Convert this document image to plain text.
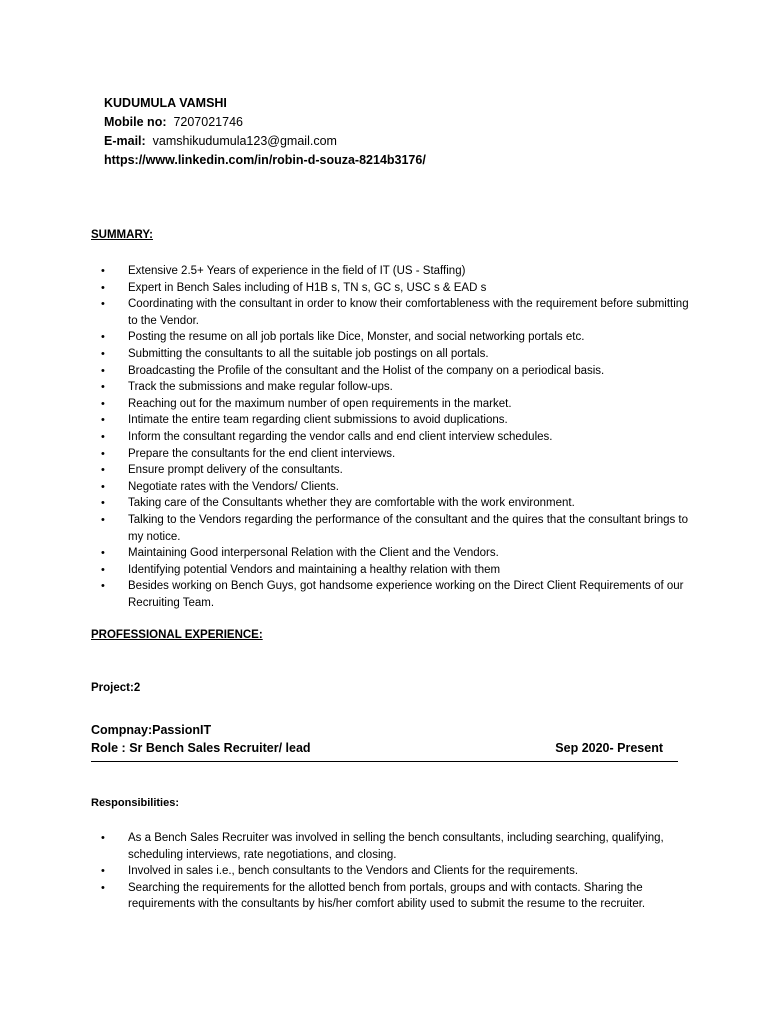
KUDUMULA VAMSHI
Mobile no: 7207021746
E-mail: vamshikudumula123@gmail.com
https://www.linkedin.com/in/robin-d-souza-8214b3176/
SUMMARY:
• Extensive 2.5+ Years of experience in the field of IT (US - Staffing)
• Expert in Bench Sales including of H1B s, TN s, GC s, USC s & EAD s
• Coordinating with the consultant in order to know their comfortableness with the requirement before submitting to the Vendor.
• Posting the resume on all job portals like Dice, Monster, and social networking portals etc.
• Submitting the consultants to all the suitable job postings on all portals.
• Broadcasting the Profile of the consultant and the Holist of the company on a periodical basis.
• Track the submissions and make regular follow-ups.
• Reaching out for the maximum number of open requirements in the market.
• Intimate the entire team regarding client submissions to avoid duplications.
• Inform the consultant regarding the vendor calls and end client interview schedules.
• Prepare the consultants for the end client interviews.
• Ensure prompt delivery of the consultants.
• Negotiate rates with the Vendors/ Clients.
• Taking care of the Consultants whether they are comfortable with the work environment.
• Talking to the Vendors regarding the performance of the consultant and the quires that the consultant brings to my notice.
• Maintaining Good interpersonal Relation with the Client and the Vendors.
• Identifying potential Vendors and maintaining a healthy relation with them
• Besides working on Bench Guys, got handsome experience working on the Direct Client Requirements of our Recruiting Team.
PROFESSIONAL EXPERIENCE:
Project:2
Compnay:PassionIT
Role : Sr Bench Sales Recruiter/ lead	Sep 2020- Present
Responsibilities:
• As a Bench Sales Recruiter was involved in selling the bench consultants, including searching, qualifying, scheduling interviews, rate negotiations, and closing.
• Involved in sales i.e., bench consultants to the Vendors and Clients for the requirements.
• Searching the requirements for the allotted bench from portals, groups and with contacts. Sharing the requirements with the consultants by his/her comfort ability used to submit the resume to the recruiter.
